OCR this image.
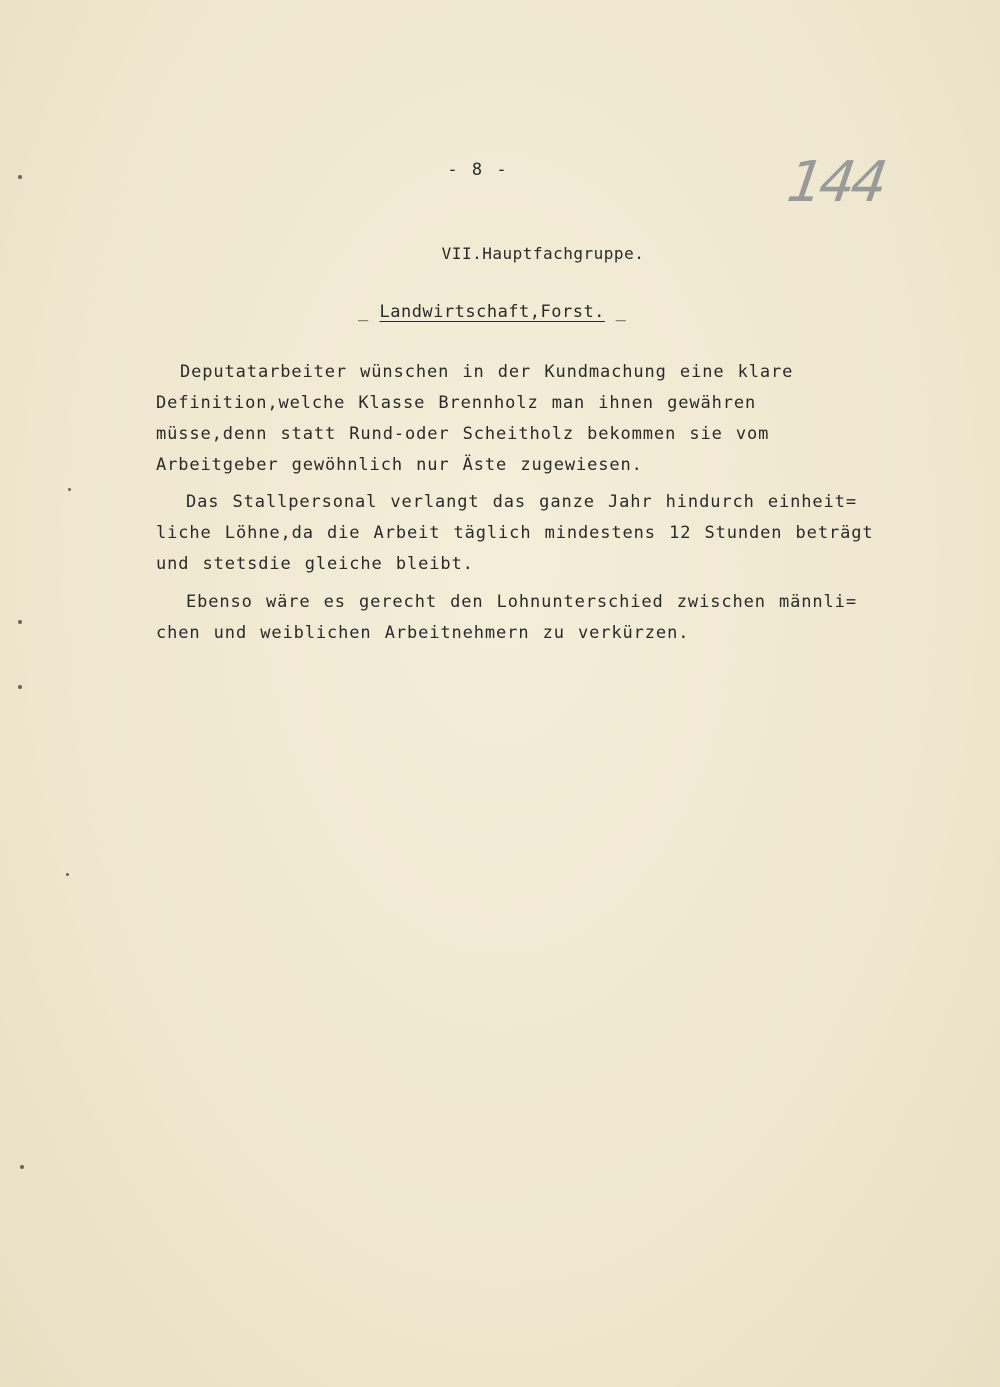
- 8 -	144
VII.Hauptfachgruppe.
_ Landwirtschaft,Forst. _
Deputatarbeiter wünschen in der Kundmachung eine klare
Definition,welche Klasse Brennholz man ihnen gewähren
müsse,denn statt Rund-oder Scheitholz bekommen sie vom
Arbeitgeber gewöhnlich nur Äste zugewiesen.
Das Stallpersonal verlangt das ganze Jahr hindurch einheit=
liche Löhne,da die Arbeit täglich mindestens 12 Stunden beträgt
und stetsdie gleiche bleibt.
Ebenso wäre es gerecht den Lohnunterschied zwischen männli=
chen und weiblichen Arbeitnehmern zu verkürzen.
